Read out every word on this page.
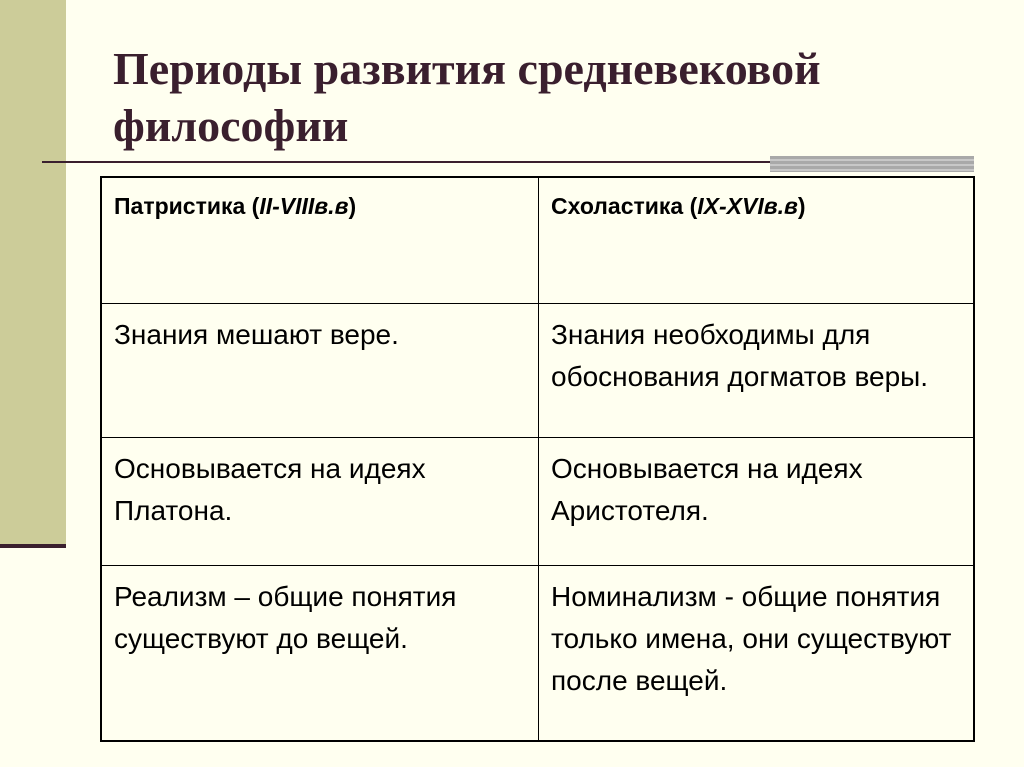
Периоды развития средневековой философии
Патристика (II-VIIIв.в)	Схоластика (IX-XVIв.в)
Знания мешают вере.	Знания необходимы для обоснования догматов веры.
Основывается на идеях Платона.	Основывается на идеях Аристотеля.
Реализм – общие понятия существуют до вещей.	Номинализм - общие понятия только имена, они существуют после вещей.
